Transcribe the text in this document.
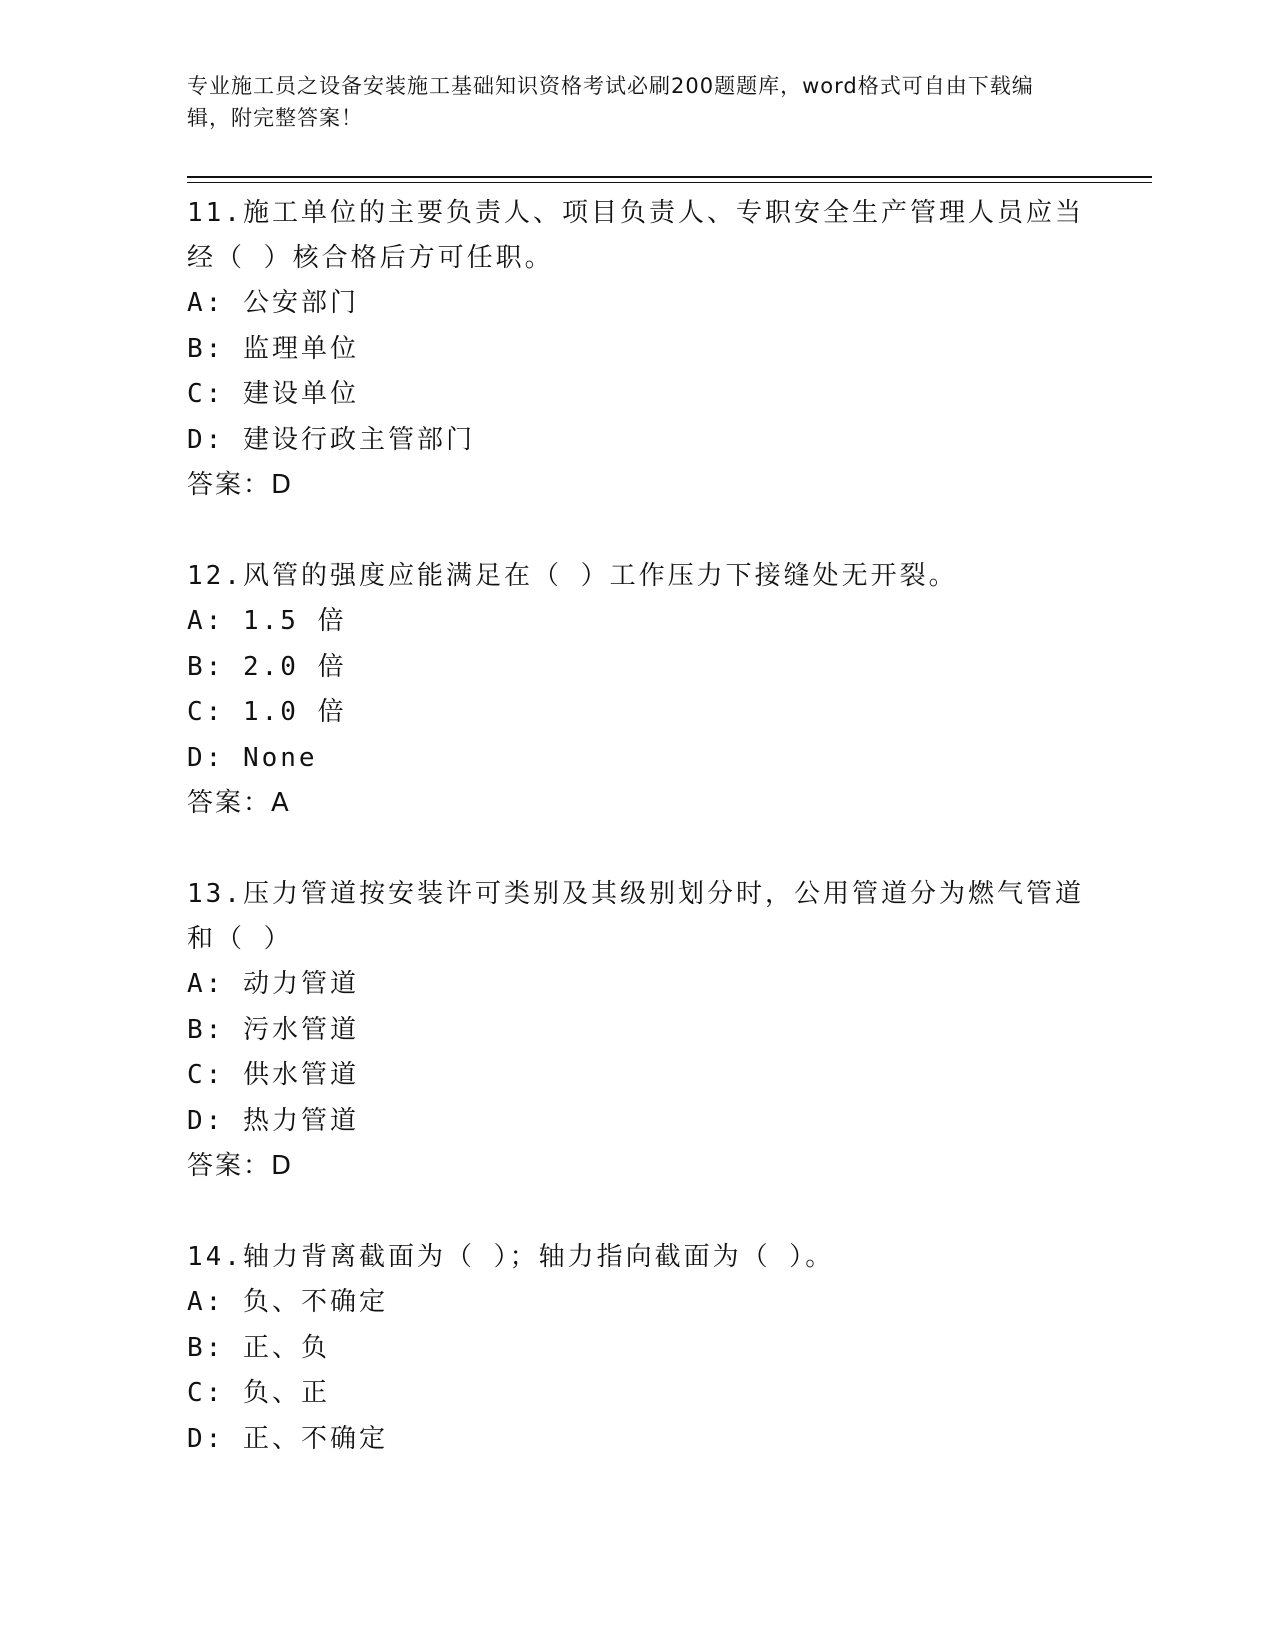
专业施工员之设备安装施工基础知识资格考试必刷200题题库，word格式可自由下载编辑，附完整答案！
11.施工单位的主要负责人、项目负责人、专职安全生产管理人员应当经（ ）核合格后方可任职。
A: 公安部门
B: 监理单位
C: 建设单位
D: 建设行政主管部门
答案：D
12.风管的强度应能满足在（ ）工作压力下接缝处无开裂。
A: 1.5 倍
B: 2.0 倍
C: 1.0 倍
D: None
答案：A
13.压力管道按安装许可类别及其级别划分时，公用管道分为燃气管道和（ ）
A: 动力管道
B: 污水管道
C: 供水管道
D: 热力管道
答案：D
14.轴力背离截面为（ ）；轴力指向截面为（ ）。
A: 负、不确定
B: 正、负
C: 负、正
D: 正、不确定
